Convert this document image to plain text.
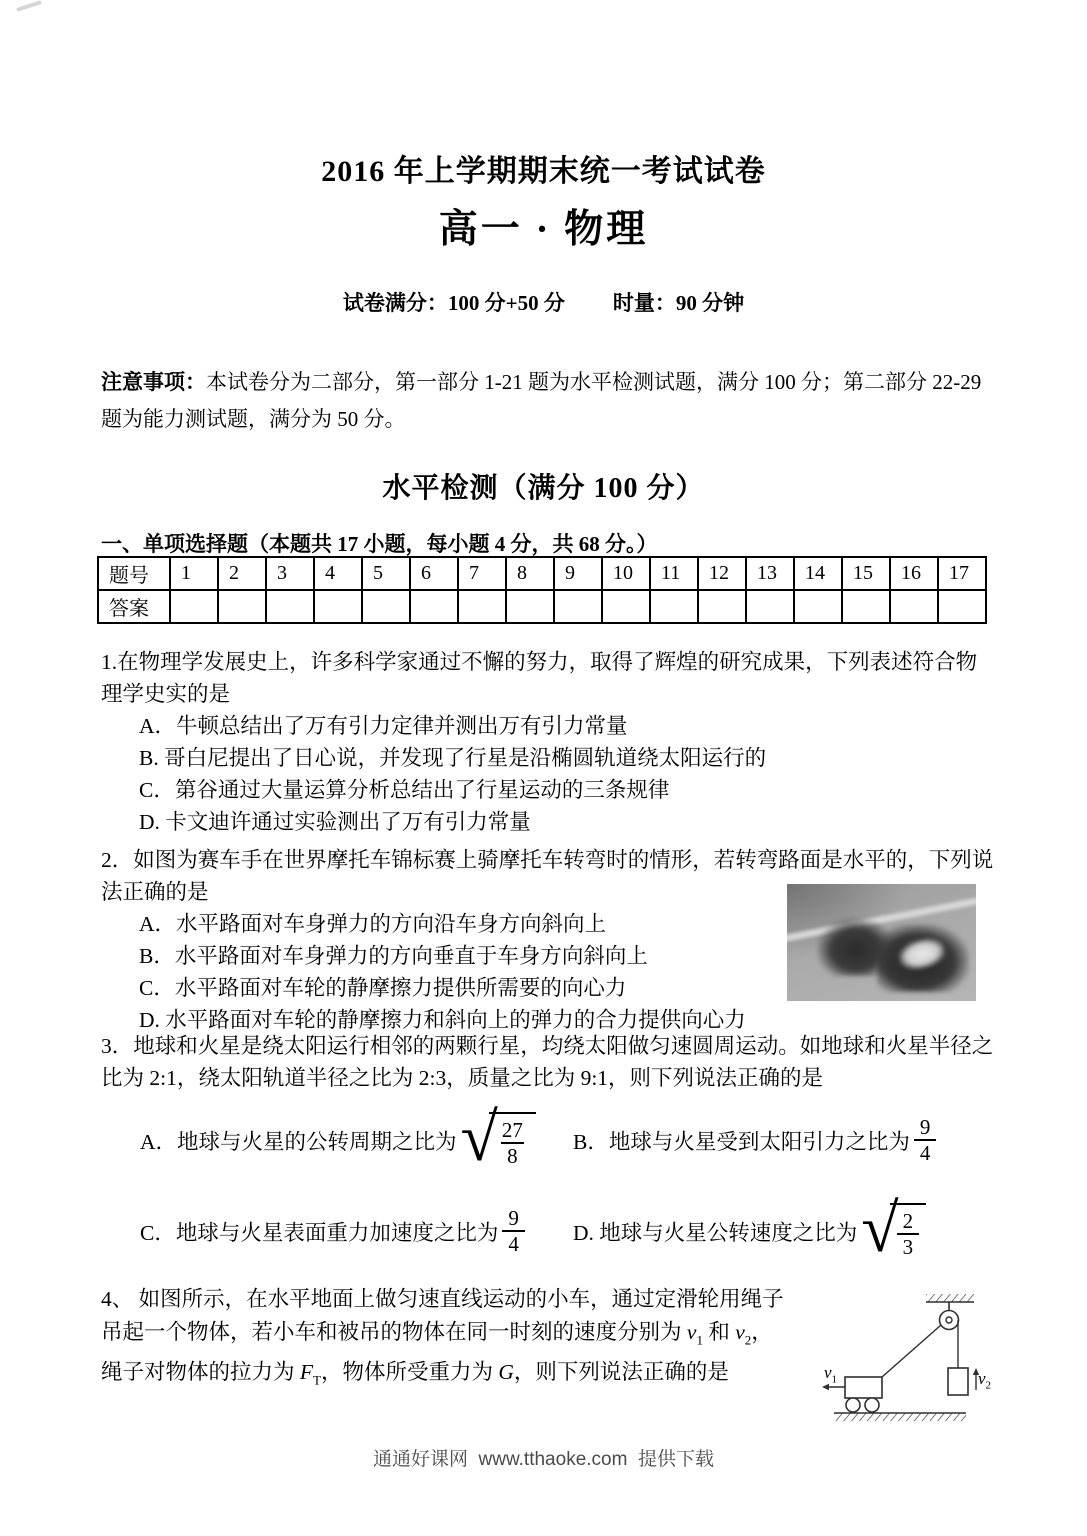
2016 年上学期期末统一考试试卷
高一 · 物理
试卷满分：100 分+50 分 时量：90 分钟
注意事项：本试卷分为二部分，第一部分 1-21 题为水平检测试题，满分 100 分；第二部分 22-29 题为能力测试题，满分为 50 分。
水平检测（满分 100 分）
一、单项选择题（本题共 17 小题，每小题 4 分，共 68 分。）
题号	1	2	3	4	5	6	7	8	9	10	11	12	13	14	15	16	17
答案																	
1.在物理学发展史上，许多科学家通过不懈的努力，取得了辉煌的研究成果，下列表述符合物理学史实的是
A．牛顿总结出了万有引力定律并测出万有引力常量
B. 哥白尼提出了日心说，并发现了行星是沿椭圆轨道绕太阳运行的
C．第谷通过大量运算分析总结出了行星运动的三条规律
D. 卡文迪许通过实验测出了万有引力常量
2．如图为赛车手在世界摩托车锦标赛上骑摩托车转弯时的情形，若转弯路面是水平的，下列说法正确的是
A．水平路面对车身弹力的方向沿车身方向斜向上
B．水平路面对车身弹力的方向垂直于车身方向斜向上
C．水平路面对车轮的静摩擦力提供所需要的向心力
D. 水平路面对车轮的静摩擦力和斜向上的弹力的合力提供向心力
3．地球和火星是绕太阳运行相邻的两颗行星，均绕太阳做匀速圆周运动。如地球和火星半径之比为 2:1，绕太阳轨道半径之比为 2:3，质量之比为 9:1，则下列说法正确的是
A．地球与火星的公转周期之比为 √
$\frac{27}{8}$ B．地球与火星受到太阳引力之比为 $\frac{9}{4}$
C．地球与火星表面重力加速度之比为 $\frac{9}{4} D$. 地球与火星公转速度之比为 √
$\frac{2}{3}$
4、 如图所示，在水平地面上做匀速直线运动的小车，通过定滑轮用绳子
吊起一个物体，若小车和被吊的物体在同一时刻的速度分别为 $v_1$ 和 $v_2$，
绳子对物体的拉力为 $F_T$，物体所受重力为 G，则下列说法正确的是	$v_1$	$v_2$
通通好课网  www.tthaoke.com  提供下载
